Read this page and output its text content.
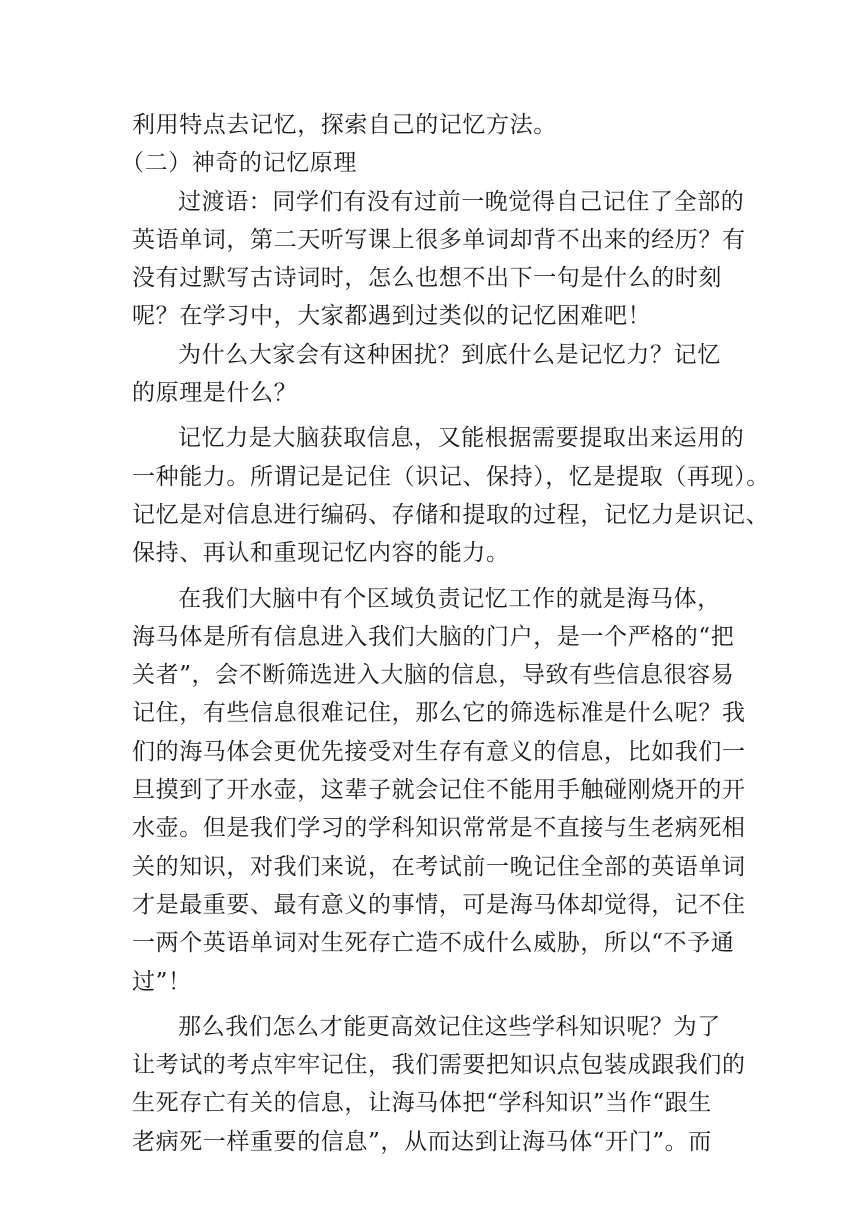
利用特点去记忆，探索自己的记忆方法。
（二）神奇的记忆原理
过渡语：同学们有没有过前一晚觉得自己记住了全部的
英语单词，第二天听写课上很多单词却背不出来的经历？有
没有过默写古诗词时，怎么也想不出下一句是什么的时刻
呢？在学习中，大家都遇到过类似的记忆困难吧！
为什么大家会有这种困扰？到底什么是记忆力？记忆
的原理是什么？
记忆力是大脑获取信息，又能根据需要提取出来运用的
一种能力。所谓记是记住（识记、保持），忆是提取（再现）。
记忆是对信息进行编码、存储和提取的过程，记忆力是识记、
保持、再认和重现记忆内容的能力。
在我们大脑中有个区域负责记忆工作的就是海马体，
海马体是所有信息进入我们大脑的门户，是一个严格的“把
关者”，会不断筛选进入大脑的信息，导致有些信息很容易
记住，有些信息很难记住，那么它的筛选标准是什么呢？我
们的海马体会更优先接受对生存有意义的信息，比如我们一
旦摸到了开水壶，这辈子就会记住不能用手触碰刚烧开的开
水壶。但是我们学习的学科知识常常是不直接与生老病死相
关的知识，对我们来说，在考试前一晚记住全部的英语单词
才是最重要、最有意义的事情，可是海马体却觉得，记不住
一两个英语单词对生死存亡造不成什么威胁，所以“不予通
过”！
那么我们怎么才能更高效记住这些学科知识呢？为了
让考试的考点牢牢记住，我们需要把知识点包装成跟我们的
生死存亡有关的信息，让海马体把“学科知识”当作“跟生
老病死一样重要的信息”，从而达到让海马体“开门”。而
